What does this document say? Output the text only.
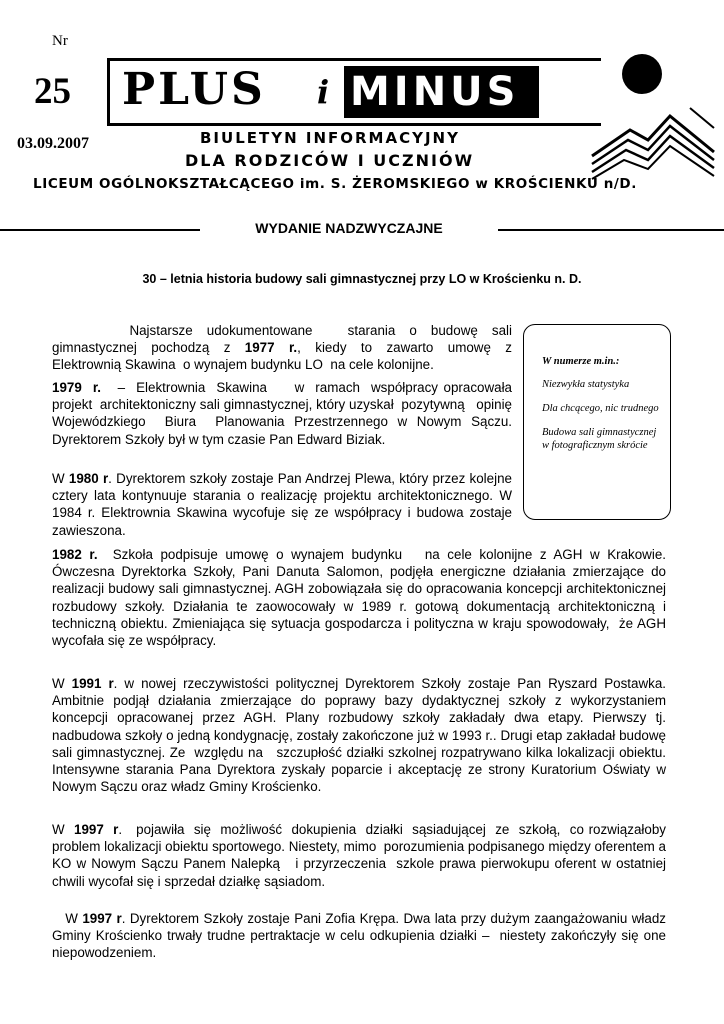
Nr
25
03.09.2007
PLUS i MINUS
BIULETYN INFORMACYJNY
DLA RODZICÓW I UCZNIÓW
LICEUM OGÓLNOKSZTAŁCĄCEGO im. S. ŻEROMSKIEGO w KROŚCIENKU n/D.
WYDANIE NADZWYCZAJNE
30 – letnia historia budowy sali gimnastycznej przy LO w Krościenku n. D.
W numerze m.in.:
Niezwykła statystyka
Dla chcącego, nic trudnego
Budowa sali gimnastycznej w fotograficznym skrócie
Najstarsze  udokumentowane     starania  o  budowę  sali gimnastycznej  pochodzą  z  1977  r.,  kiedy  to  zawarto  umowę  z Elektrownią Skawina  o wynajem budynku LO  na cele kolonijne.
1979  r.   –  Elektrownia  Skawina     w  ramach  współpracy opracowała  projekt  architektoniczny sali gimnastycznej, który uzyskał  pozytywną   opinię   Wojewódzkiego  Biura  Planowania Przestrzennego w Nowym Sączu. Dyrektorem Szkoły był w tym czasie Pan Edward Biziak.
W 1980 r. Dyrektorem szkoły zostaje Pan Andrzej Plewa, który przez kolejne cztery lata kontynuuje starania o realizację projektu architektonicznego. W 1984 r. Elektrownia Skawina wycofuje się ze współpracy i budowa zostaje zawieszona.
1982 r.  Szkoła podpisuje umowę o wynajem budynku   na cele kolonijne z AGH w Krakowie. Ówczesna Dyrektorka Szkoły, Pani Danuta Salomon, podjęła energiczne działania zmierzające do realizacji budowy sali gimnastycznej. AGH zobowiązała się do opracowania koncepcji architektonicznej rozbudowy szkoły. Działania te zaowocowały w 1989 r. gotową dokumentacją architektoniczną i techniczną obiektu. Zmieniająca się sytuacja gospodarcza i polityczna w kraju spowodowały,  że AGH wycofała się ze współpracy.
W 1991 r. w nowej rzeczywistości politycznej Dyrektorem Szkoły zostaje Pan Ryszard Postawka. Ambitnie podjął działania zmierzające do poprawy bazy dydaktycznej szkoły z wykorzystaniem koncepcji opracowanej przez AGH. Plany rozbudowy szkoły zakładały dwa etapy. Pierwszy tj. nadbudowa szkoły o jedną kondygnację, zostały zakończone już w 1993 r.. Drugi etap zakładał budowę sali gimnastycznej. Ze  względu na   szczupłość działki szkolnej rozpatrywano kilka lokalizacji obiektu. Intensywne starania Pana Dyrektora zyskały poparcie i akceptację ze strony Kuratorium Oświaty w Nowym Sączu oraz władz Gminy Krościenko.
W  1997  r.   pojawiła  się  możliwość  dokupienia  działki  sąsiadującej  ze  szkołą,  co rozwiązałoby problem lokalizacji obiektu sportowego. Niestety, mimo  porozumienia podpisanego między oferentem a   KO w Nowym Sączu Panem Nalepką   i przyrzeczenia  szkole prawa pierwokupu oferent w ostatniej chwili wycofał się i sprzedał działkę sąsiadom.
W 1997 r. Dyrektorem Szkoły zostaje Pani Zofia Krępa. Dwa lata przy dużym zaangażowaniu władz Gminy Krościenko trwały trudne pertraktacje w celu odkupienia działki –  niestety zakończyły się one niepowodzeniem.
